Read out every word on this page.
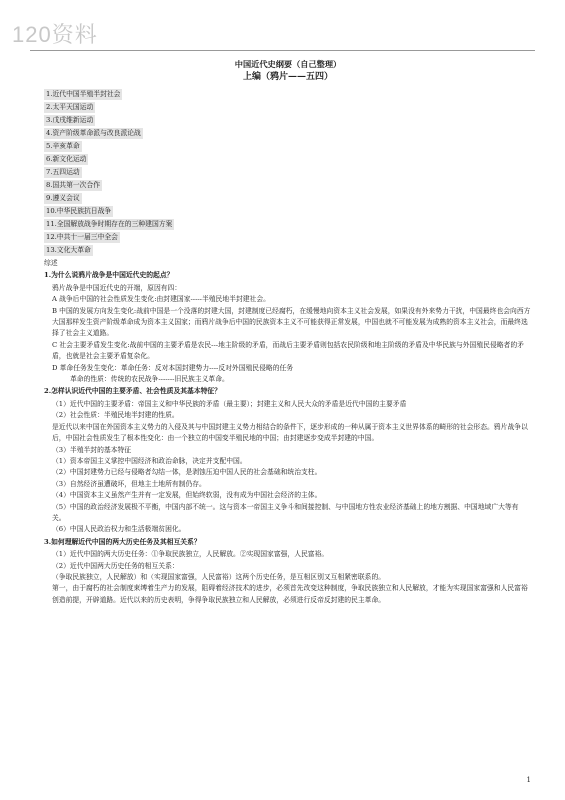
120资料
中国近代史纲要（自己整理）
上编（鸦片——五四）
1.近代中国半殖半封社会
2.太平天国运动
3.戊戌维新运动
4.资产阶级革命派与改良派论战
5.辛亥革命
6.新文化运动
7.五四运动
8.国共第一次合作
9.遵义会议
10.中华民族抗日战争
11.全国解放战争时期存在的三种建国方案
12.中共十一届三中全会
13.文化大革命
综述
1.为什么说鸦片战争是中国近代史的起点？

鸦片战争是中国近代史的开端，原因有四：

A 战争后中国的社会性质发生变化:由封建国家-----半殖民地半封建社会。

B 中国的发展方向发生变化:战前中国是一个没落的封建大国，封建制度已经腐朽，在缓慢地向资本主义社会发展，如果没有外来势力干扰，中国最终也会向西方大国那样发生资产阶级革命成为资本主义国家；而鸦片战争后中国的民族资本主义不可能获得正常发展，中国也就不可能发展为成熟的资本主义社会，而最终选择了社会主义道路。

C 社会主要矛盾发生变化:战前中国的主要矛盾是农民---地主阶级的矛盾，而战后主要矛盾则包括农民阶级和地主阶级的矛盾及中华民族与外国殖民侵略者的矛盾，也就是社会主要矛盾复杂化。

D 革命任务发生变化：革命任务：反对本国封建势力----反对外国殖民侵略的任务

革命的性质：传统的农民战争-------旧民族主义革命。

2.怎样认识近代中国的主要矛盾、社会性质及其基本特征？

（1）近代中国的主要矛盾：帝国主义和中华民族的矛盾（最主要）；封建主义和人民大众的矛盾是近代中国的主要矛盾

（2）社会性质：半殖民地半封建的性质。

是近代以来中国在外国资本主义势力的入侵及其与中国封建主义势力相结合的条件下，逐步形成的一种从属于资本主义世界体系的畸形的社会形态。鸦片战争以后，中国社会性质发生了根本性变化：由一个独立的中国变半殖民地的中国；由封建逐步变成半封建的中国。

（3）半殖半封的基本特征

（1）资本帝国主义掌控中国经济和政治命脉，决定并支配中国。

（2）中国封建势力已经与侵略者勾结一体，是剥蚀压迫中国人民的社会基础和统治支柱。

（3）自然经济虽遭破坏，但地主土地所有制仍存。

（4）中国资本主义虽然产生并有一定发展，但始终软弱，没有成为中国社会经济的主体。

（5）中国的政治经济发展极不平衡，中国内部不统一。这与资本一帝国主义争斗和间接控制、与中国地方性农业经济基础上的地方割据、中国地域广大等有关。

（6）中国人民政治权力和生活极端贫困化。

3.如何理解近代中国的两大历史任务及其相互关系？

（1）近代中国的两大历史任务：①争取民族独立，人民解放。②实现国家富强，人民富裕。

（2）近代中国两大历史任务的相互关系：

（争取民族独立，人民解放）和（实现国家富强，人民富裕）这两个历史任务，是互相区别又互相紧密联系的。

第一，由于腐朽的社会制度束缚着生产力的发展，阻碍着经济技术的进步，必须首先改变这种制度，争取民族独立和人民解放，才能为实现国家富强和人民富裕创造前提，开辟道路。近代以来的历史表明，争得争取民族独立和人民解放，必须进行反帝反封建的民主革命。

1
